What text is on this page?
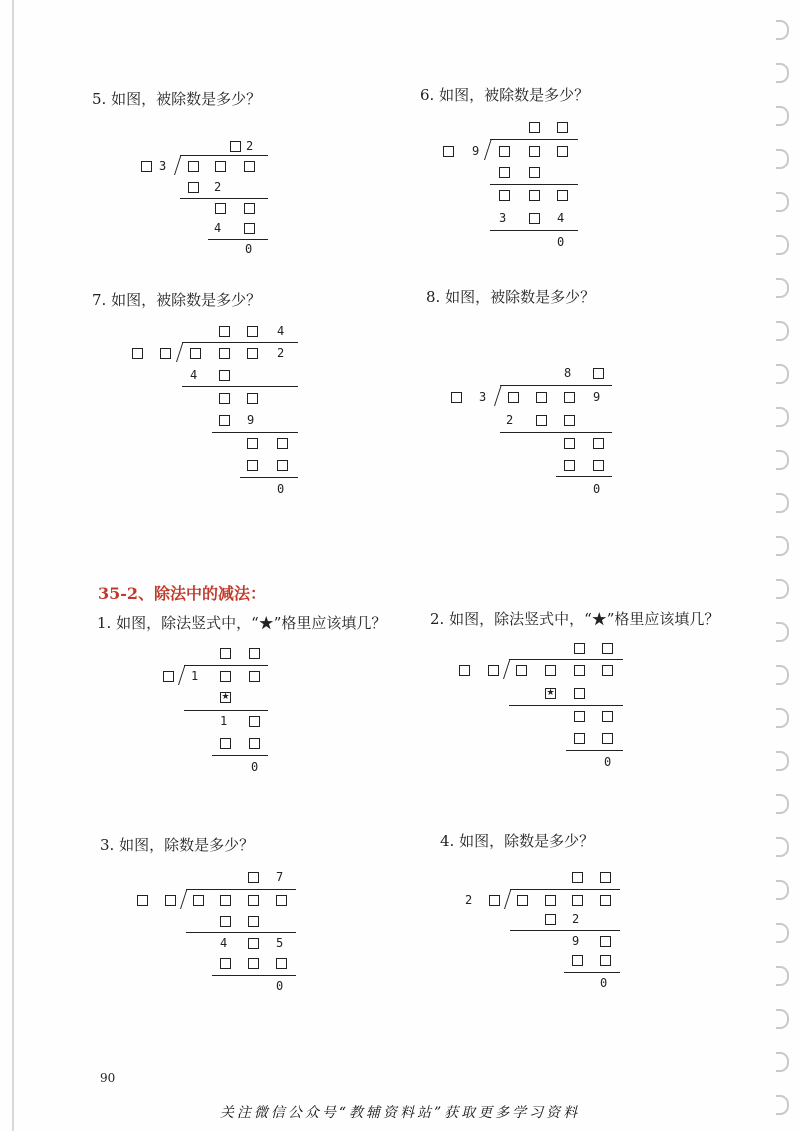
5. 如图，被除数是多少？	6. 如图，被除数是多少？
7. 如图，被除数是多少？	8. 如图，被除数是多少？
35-2、除法中的减法：
1. 如图，除法竖式中，“★”格里应该填几？	2. 如图，除法竖式中，“★”格里应该填几？
3. 如图，除数是多少？	4. 如图，除数是多少？
2
3
2
4
0
9
3	4
0
4
2
4
9
0
8
3	9
2
0
1
★
1
0
★
0
7
4	5
0
2
2
9
0
90
关注微信公众号“教辅资料站”获取更多学习资料
